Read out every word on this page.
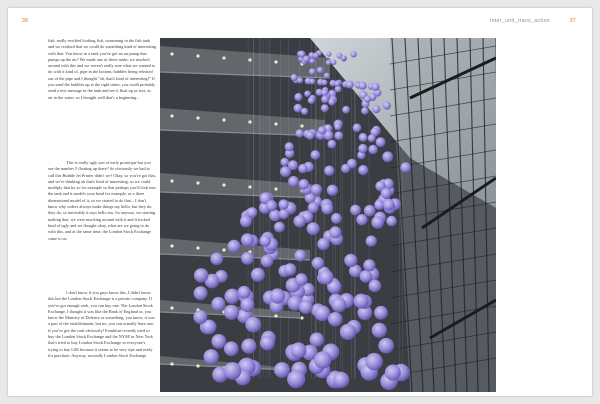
36	inter_unit_trans_action	37

fish, really terrified looking fish, swimming in the fish tank and we realised that we could do something kind of interesting with that. You know in a tank you've got an air pump that pumps up the air? We made one of these tanks, we mucked around with this and we weren't really sure what we wanted to do with it kind of, pipe in the bottom, bubbles being released out of the pipe and I thought "oh, that's kind of interesting!" If you send the bubbles up at the right times, you could probably send a text message in the tank and see it float up as text, as air in the water, so I thought well that's a beginning...

This is really ugly sort of early prototype but you see the number 5 floating up there? So obviously we had to call this Bubble Jet Printer didn't we? Okay, so you've got that, and we're thinking oh that's kind of interesting, so we could multiply that by so for example so that perhaps you'd look into the tank and it models your head for example, as a three dimensional model of it, so we started to do that... I don't know why coders always make things say hello, but they do, they do, so inevitably it says hello too. So anyway, we starting making that, we were mucking around with it and it looked kind of ugly and we thought okay, what are we going to do with this, and at the same time, the London Stock Exchange came to us.

I don't know if you guys know this, I didn't know this but the London Stock Exchange is a private company. If you've got enough cash, you can buy one. The London Stock Exchange, I thought it was like the Bank of England or, you know the Ministry of Defence or something, you know, it was a part of the establishment, but no, you can actually have one, if you've got the cash obviously! Frankfurt recently tried to buy the London Stock Exchange and the NYSE in New York that's tried to buy London Stock Exchange so everyone's trying to buy LSE because it seems to be very ripe and ready for purchase. Anyway, secondly London Stock Exchange
